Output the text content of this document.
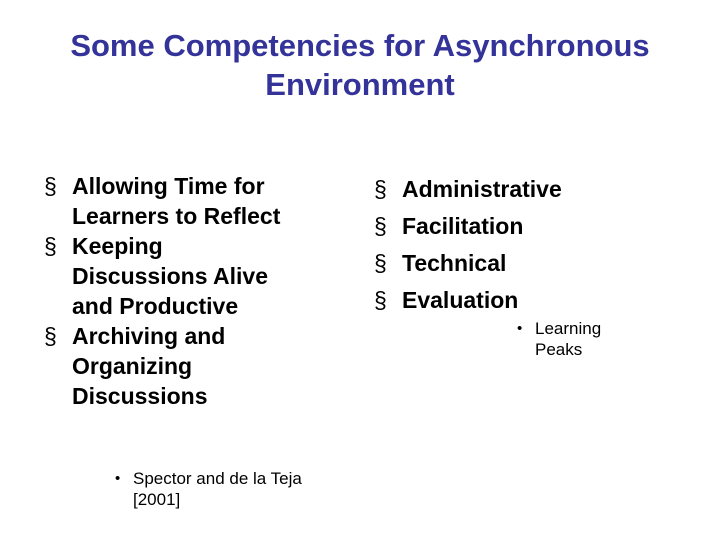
Some Competencies for Asynchronous
Environment
§ Allowing Time for
Learners to Reflect
§ Keeping
Discussions Alive
and Productive
§ Archiving and
Organizing
Discussions
• Spector and de la Teja
[2001]
§ Administrative
§ Facilitation
§ Technical
§ Evaluation
• Learning
Peaks
